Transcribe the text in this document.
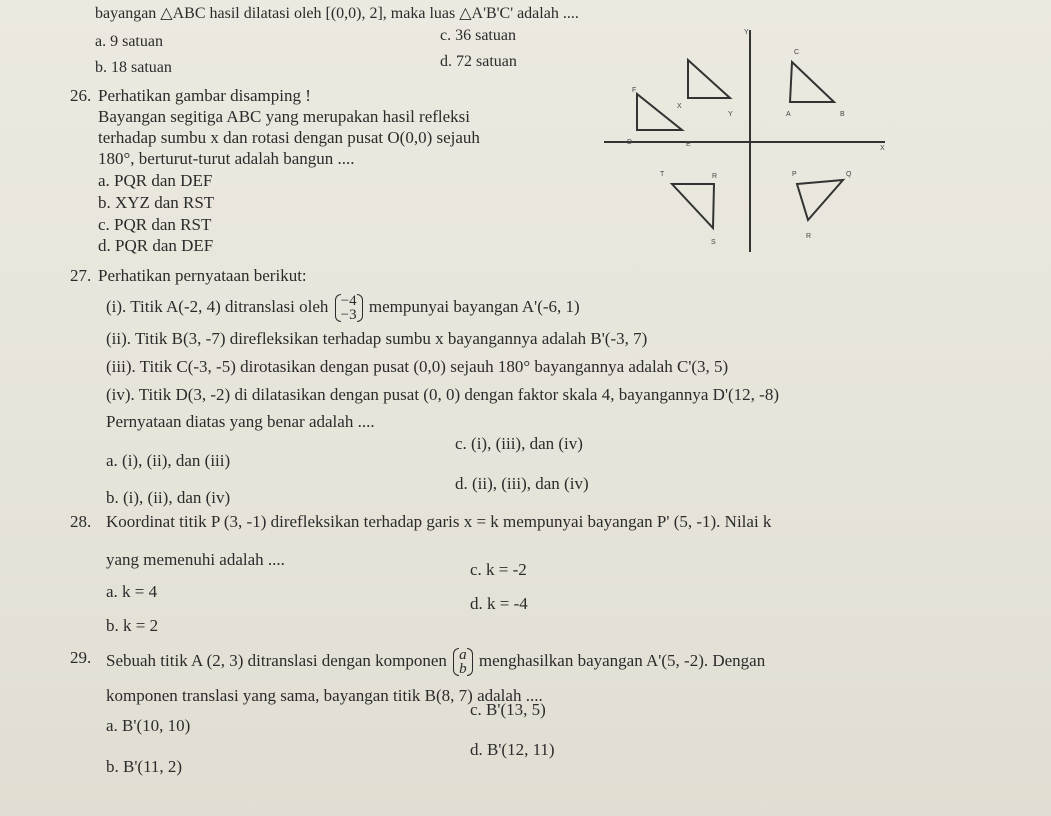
bayangan △ABC hasil dilatasi oleh [(0,0), 2], maka luas △A'B'C' adalah ....
a. 9 satuan
b. 18 satuan
c. 36 satuan
d. 72 satuan
26. Perhatikan gambar disamping !
Bayangan segitiga ABC yang merupakan hasil refleksi
terhadap sumbu x dan rotasi dengan pusat O(0,0) sejauh
180°, berturut-turut adalah bangun ....
a. PQR dan DEF
b. XYZ dan RST
c. PQR dan RST
d. PQR dan DEF
Y
X
F
X
D	E
Y	A	B
C
T	R
S
P	Q
R
27. Perhatikan pernyataan berikut:
(i). Titik A(-2, 4) ditranslasi oleh −4
−3 mempunyai bayangan A'(-6, 1)
(ii). Titik B(3, -7) direfleksikan terhadap sumbu x bayangannya adalah B'(-3, 7)
(iii). Titik C(-3, -5) dirotasikan dengan pusat (0,0) sejauh 180° bayangannya adalah C'(3, 5)
(iv). Titik D(3, -2) di dilatasikan dengan pusat (0, 0) dengan faktor skala 4, bayangannya D'(12, -8)
Pernyataan diatas yang benar adalah ....
a. (i), (ii), dan (iii)
b. (i), (ii), dan (iv)
c. (i), (iii), dan (iv)
d. (ii), (iii), dan (iv)
28. Koordinat titik P (3, -1) direfleksikan terhadap garis x = k mempunyai bayangan P' (5, -1). Nilai k
yang memenuhi adalah ....
a. k = 4
b. k = 2
c. k = -2
d. k = -4
29. Sebuah titik A (2, 3) ditranslasi dengan komponen a
b menghasilkan bayangan A'(5, -2). Dengan
komponen translasi yang sama, bayangan titik B(8, 7) adalah ....
a. B'(10, 10)
b. B'(11, 2)
c. B'(13, 5)
d. B'(12, 11)
